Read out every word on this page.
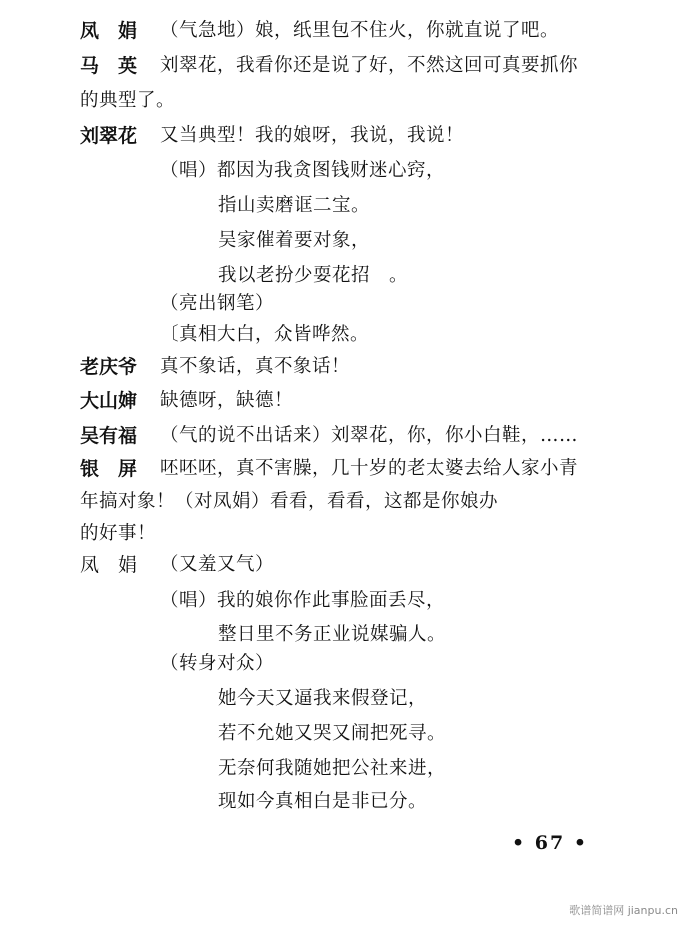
凤　娟	（气急地）娘，纸里包不住火，你就直说了吧。
马　英	刘翠花，我看你还是说了好，不然这回可真要抓你
的典型了。
刘翠花	又当典型！我的娘呀，我说，我说！
（唱）都因为我贪图钱财迷心窍，
指山卖磨诓二宝。
吴家催着要对象，
我以老扮少耍花招　。
（亮出钢笔）
〔真相大白，众皆哗然。
老庆爷	真不象话，真不象话！
大山婶	缺德呀，缺德！
吴有福	（气的说不出话来）刘翠花，你，你小白鞋，……
银　屏	呸呸呸，真不害臊，几十岁的老太婆去给人家小青
年搞对象！（对凤娟）看看，看看，这都是你娘办
的好事！
凤　娟	（又羞又气）
（唱）我的娘你作此事脸面丢尽，
整日里不务正业说媒骗人。
（转身对众）
她今天又逼我来假登记，
若不允她又哭又闹把死寻。
无奈何我随她把公社来进，
现如今真相白是非已分。
• 67 •
歌谱简谱网 jianpu.cn
